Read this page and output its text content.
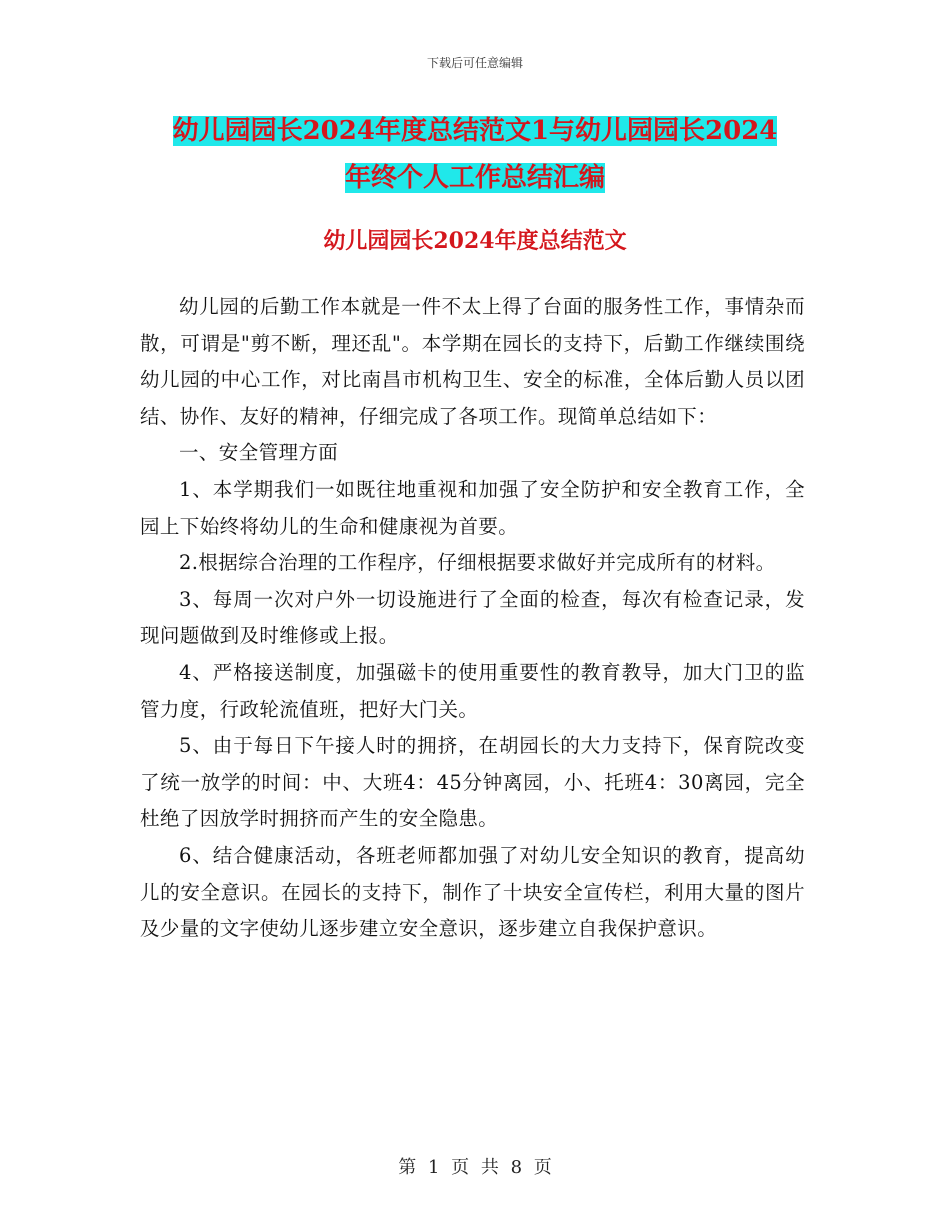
下载后可任意编辑
幼儿园园长2024年度总结范文1与幼儿园园长2024
年终个人工作总结汇编
幼儿园园长2024年度总结范文

幼儿园的后勤工作本就是一件不太上得了台面的服务性工作，事情杂而散，可谓是"剪不断，理还乱"。本学期在园长的支持下，后勤工作继续围绕幼儿园的中心工作，对比南昌市机构卫生、安全的标准，全体后勤人员以团结、协作、友好的精神，仔细完成了各项工作。现简单总结如下：

一、安全管理方面

1、本学期我们一如既往地重视和加强了安全防护和安全教育工作，全园上下始终将幼儿的生命和健康视为首要。

2.根据综合治理的工作程序，仔细根据要求做好并完成所有的材料。

3、每周一次对户外一切设施进行了全面的检查，每次有检查记录，发现问题做到及时维修或上报。

4、严格接送制度，加强磁卡的使用重要性的教育教导，加大门卫的监管力度，行政轮流值班，把好大门关。

5、由于每日下午接人时的拥挤，在胡园长的大力支持下，保育院改变了统一放学的时间：中、大班4：45分钟离园，小、托班4：30离园，完全杜绝了因放学时拥挤而产生的安全隐患。

6、结合健康活动，各班老师都加强了对幼儿安全知识的教育，提高幼儿的安全意识。在园长的支持下，制作了十块安全宣传栏，利用大量的图片及少量的文字使幼儿逐步建立安全意识，逐步建立自我保护意识。

第 1 页 共 8 页
